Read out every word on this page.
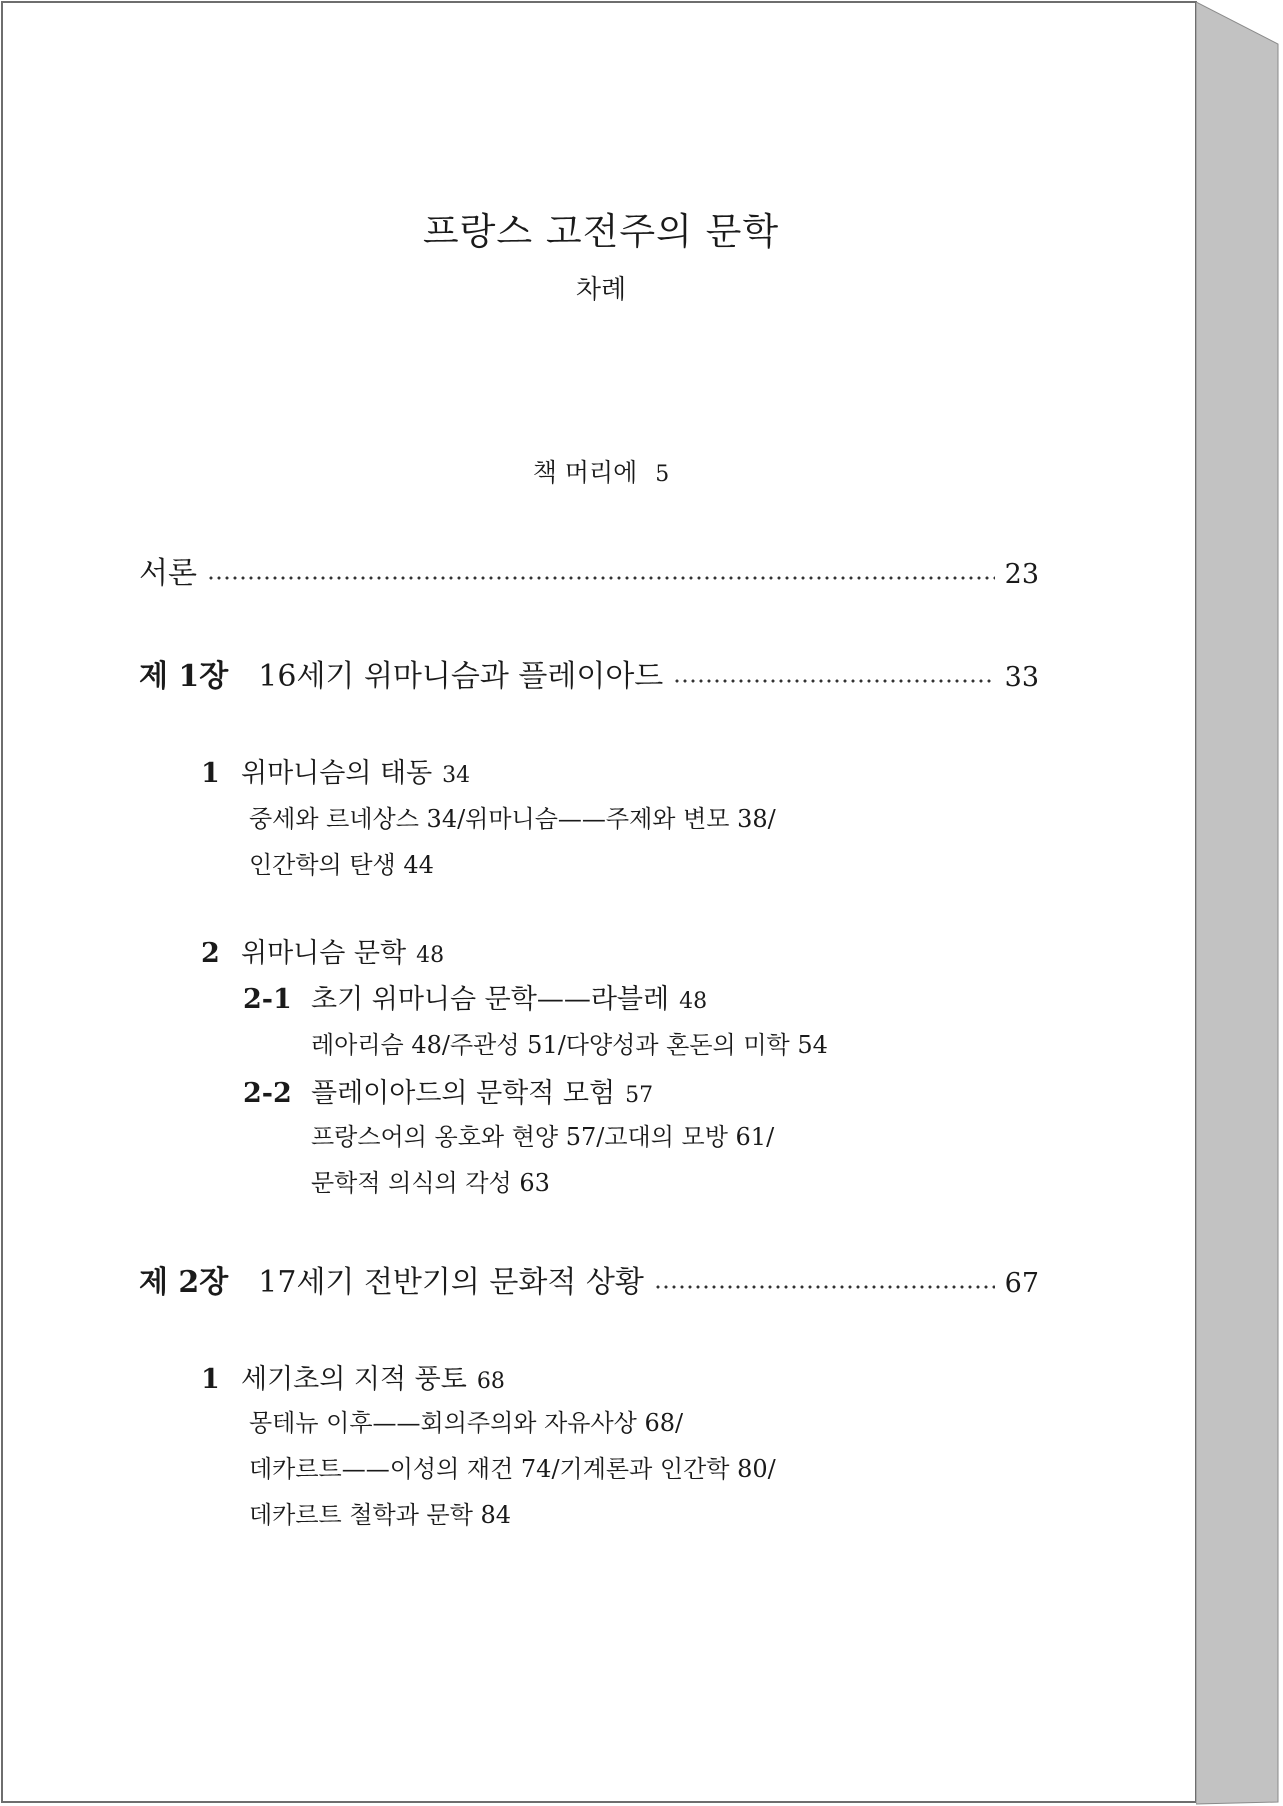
프랑스 고전주의 문학
차례
책 머리에 5
서론	23
제 1장 16세기 위마니슴과 플레이아드	33
1 위마니슴의 태동 34
중세와 르네상스 34/위마니슴——주제와 변모 38/
인간학의 탄생 44
2 위마니슴 문학 48
2-1 초기 위마니슴 문학——라블레 48
레아리슴 48/주관성 51/다양성과 혼돈의 미학 54
2-2 플레이아드의 문학적 모험 57
프랑스어의 옹호와 현양 57/고대의 모방 61/
문학적 의식의 각성 63
제 2장 17세기 전반기의 문화적 상황	67
1 세기초의 지적 풍토 68
몽테뉴 이후——회의주의와 자유사상 68/
데카르트——이성의 재건 74/기계론과 인간학 80/
데카르트 철학과 문학 84
